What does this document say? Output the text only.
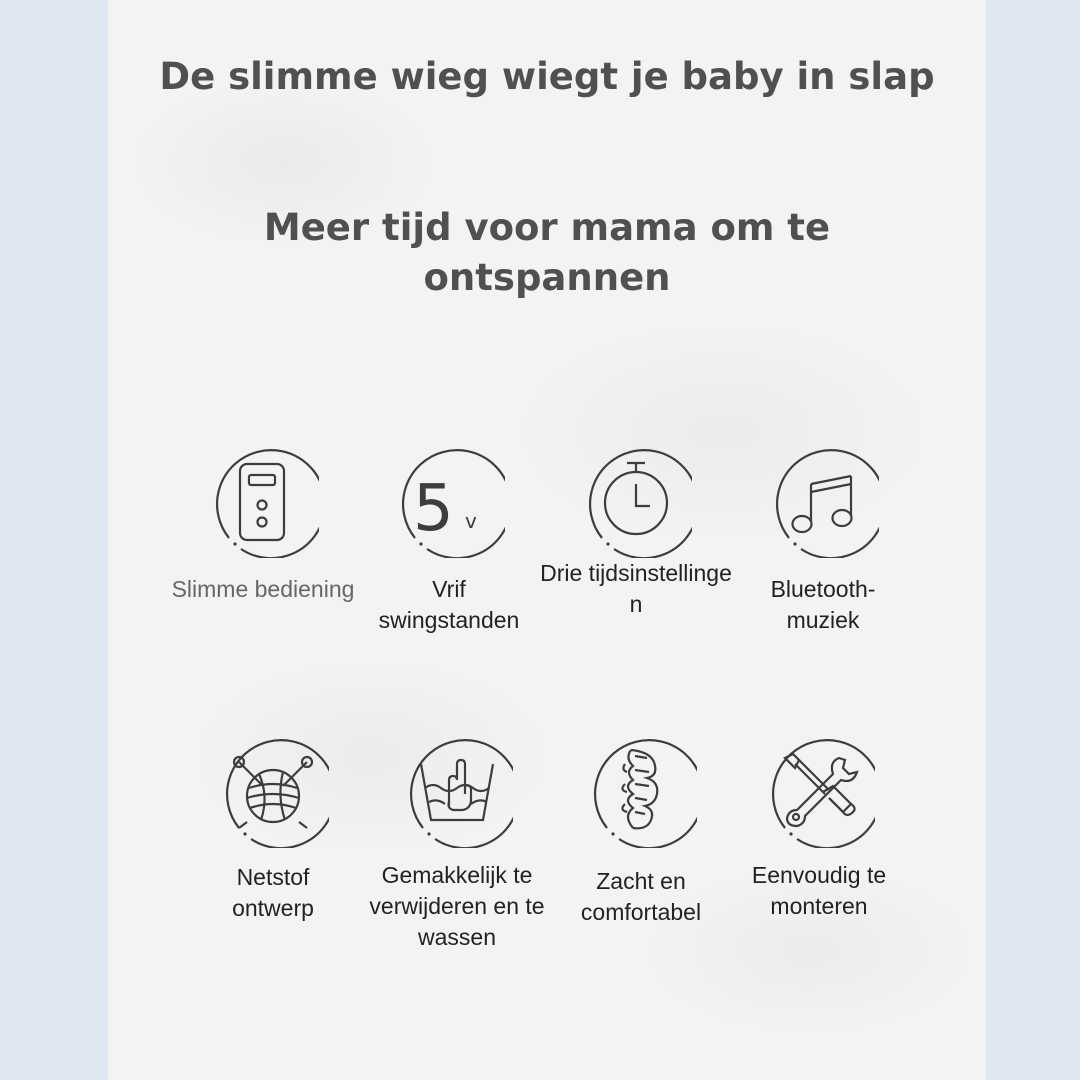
De slimme wieg wiegt je baby in slap
Meer tijd voor mama om te ontspannen
Slimme bediening
5 v
Vrif swingstanden
Drie tijdsinstellinge n
Bluetooth-muziek
Netstof ontwerp
Gemakkelijk te verwijderen en te wassen
Zacht en comfortabel
Eenvoudig te monteren
